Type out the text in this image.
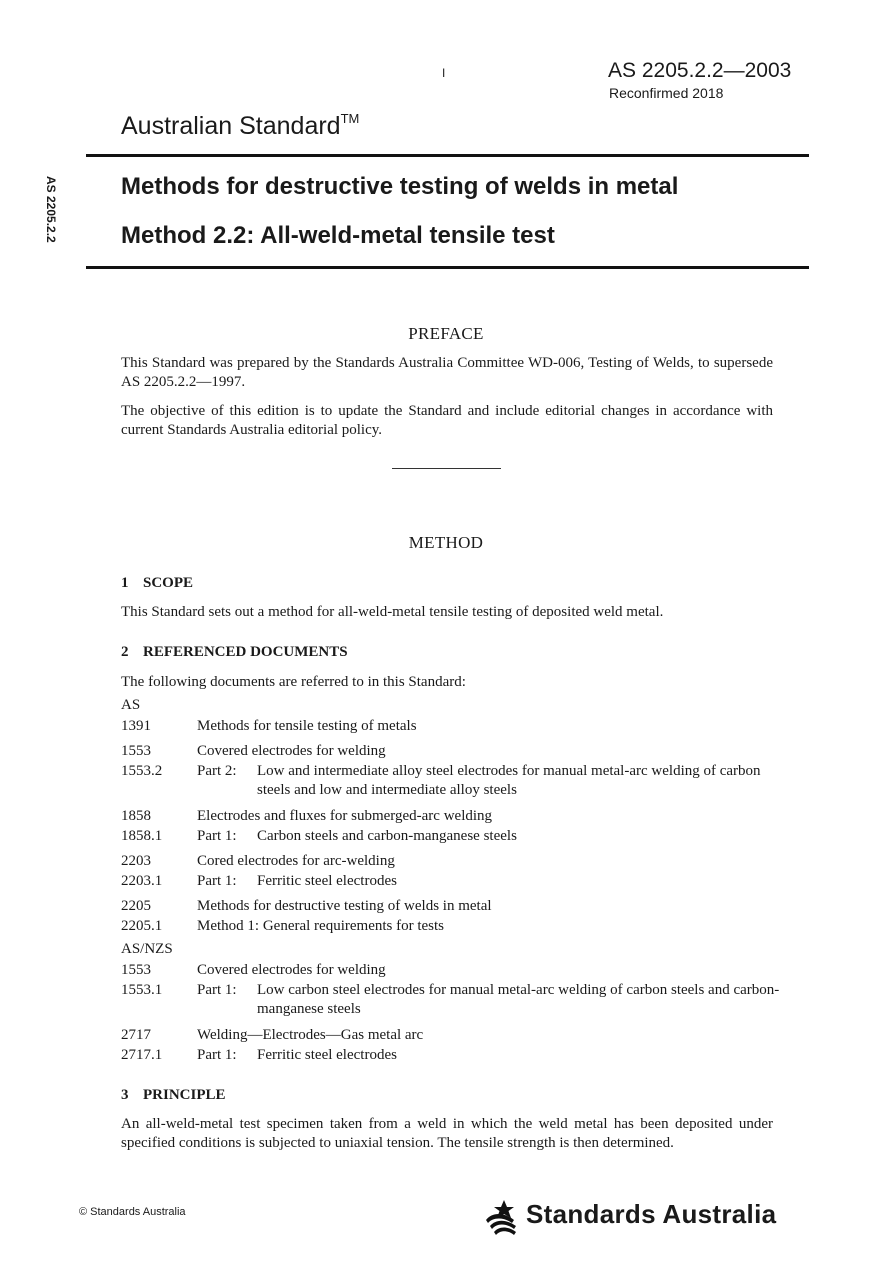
I	AS 2205.2.2—2003
Reconfirmed 2018
Australian Standard™
AS 2205.2.2	Methods for destructive testing of welds in metal
Method 2.2: All-weld-metal tensile test
PREFACE
This Standard was prepared by the Standards Australia Committee WD-006, Testing of Welds, to supersede AS 2205.2.2—1997.
The objective of this edition is to update the Standard and include editorial changes in accordance with current Standards Australia editorial policy.
METHOD
1 SCOPE
This Standard sets out a method for all-weld-metal tensile testing of deposited weld metal.
2 REFERENCED DOCUMENTS
The following documents are referred to in this Standard:
AS
1391	Methods for tensile testing of metals
1553	Covered electrodes for welding
1553.2 Part 2: Low and intermediate alloy steel electrodes for manual metal-arc welding of carbon steels and low and intermediate alloy steels
1858	Electrodes and fluxes for submerged-arc welding
1858.1 Part 1: Carbon steels and carbon-manganese steels
2203	Cored electrodes for arc-welding
2203.1 Part 1: Ferritic steel electrodes
2205	Methods for destructive testing of welds in metal
2205.1 Method 1: General requirements for tests
AS/NZS
1553	Covered electrodes for welding
1553.1 Part 1: Low carbon steel electrodes for manual metal-arc welding of carbon steels and carbon-manganese steels
2717	Welding—Electrodes—Gas metal arc
2717.1 Part 1: Ferritic steel electrodes
3 PRINCIPLE
An all-weld-metal test specimen taken from a weld in which the weld metal has been deposited under specified conditions is subjected to uniaxial tension. The tensile strength is then determined.
© Standards Australia	Standards Australia
